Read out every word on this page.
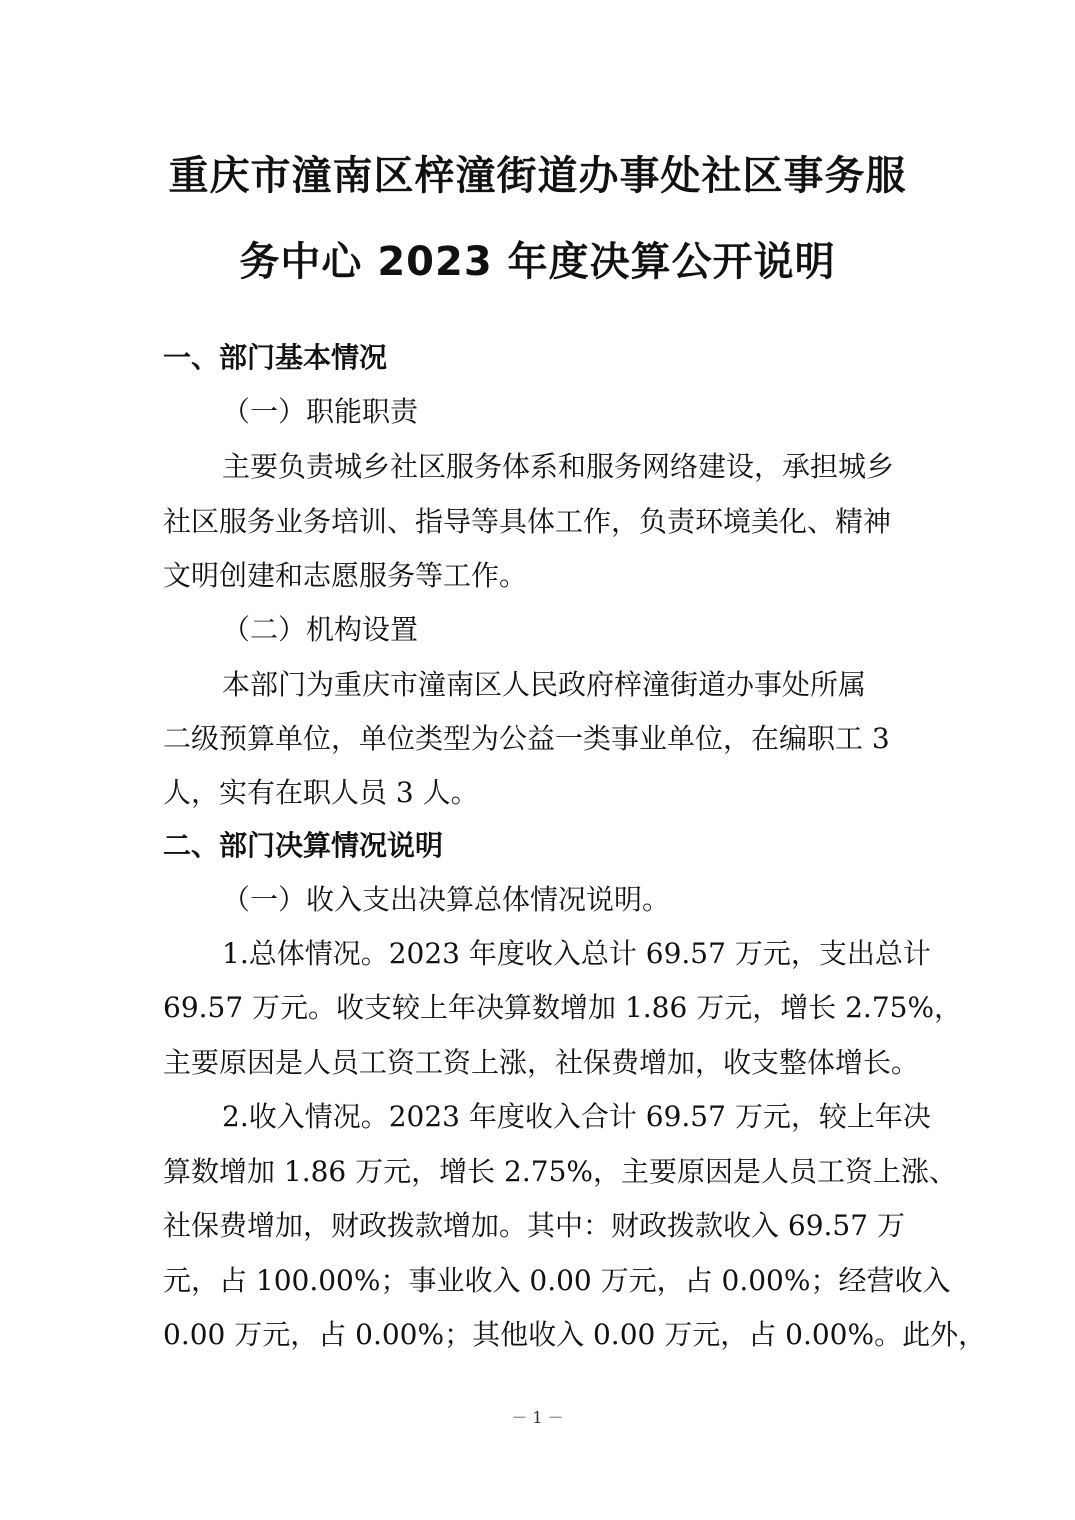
重庆市潼南区梓潼街道办事处社区事务服
务中心 2023 年度决算公开说明
一、部门基本情况
（一）职能职责
主要负责城乡社区服务体系和服务网络建设，承担城乡
社区服务业务培训、指导等具体工作，负责环境美化、精神
文明创建和志愿服务等工作。
（二）机构设置
本部门为重庆市潼南区人民政府梓潼街道办事处所属
二级预算单位，单位类型为公益一类事业单位，在编职工 3
人，实有在职人员 3 人。
二、部门决算情况说明
（一）收入支出决算总体情况说明。
1.总体情况。2023 年度收入总计 69.57 万元，支出总计
69.57 万元。收支较上年决算数增加 1.86 万元，增长 2.75%，
主要原因是人员工资工资上涨，社保费增加，收支整体增长。
2.收入情况。2023 年度收入合计 69.57 万元，较上年决
算数增加 1.86 万元，增长 2.75%，主要原因是人员工资上涨、
社保费增加，财政拨款增加。其中：财政拨款收入 69.57 万
元，占 100.00%；事业收入 0.00 万元，占 0.00%；经营收入
0.00 万元，占 0.00%；其他收入 0.00 万元，占 0.00%。此外，
－ 1 －
